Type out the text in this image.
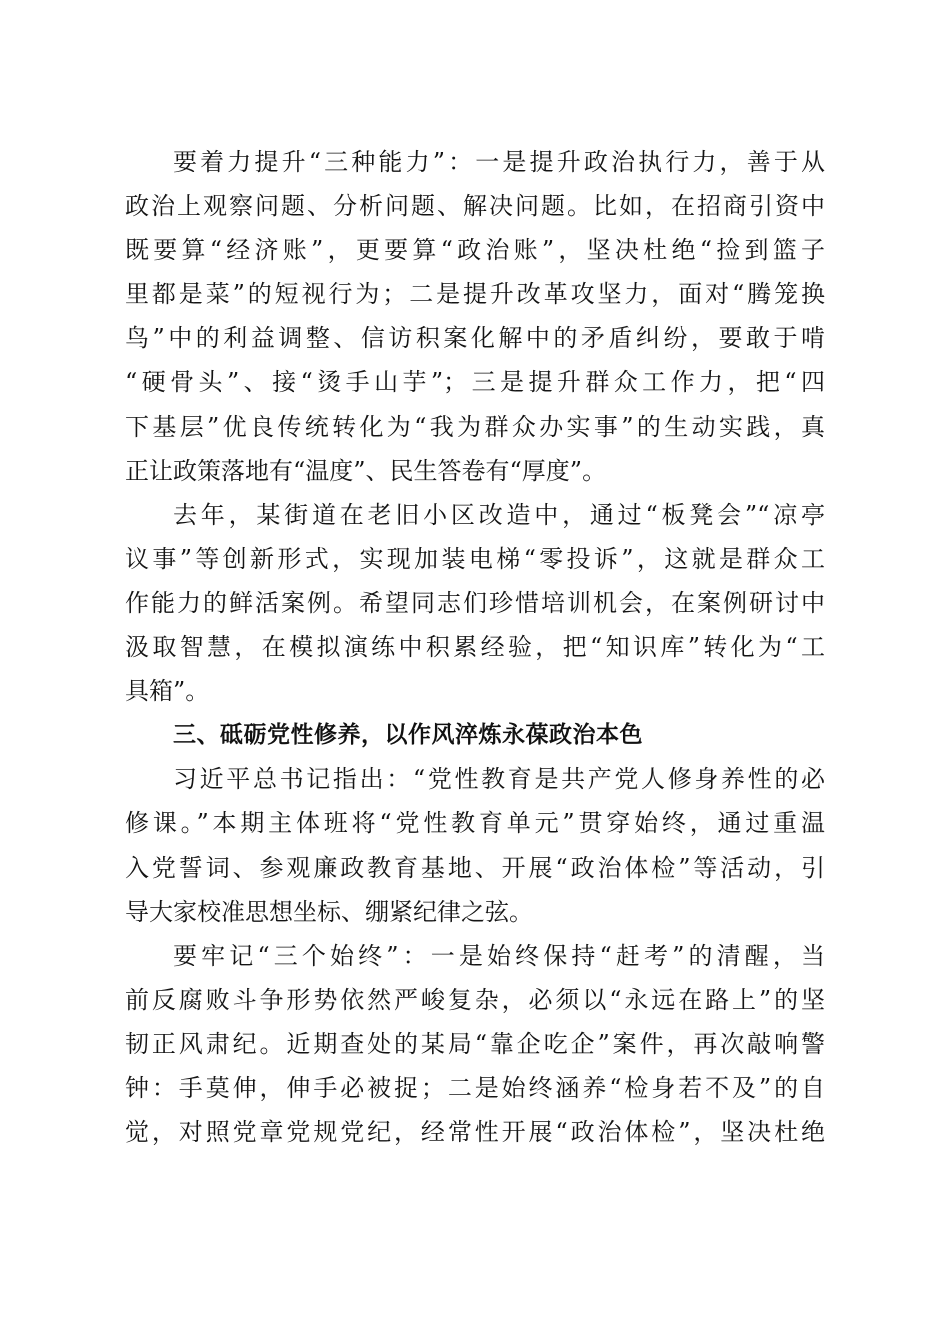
要着力提升“三种能力”：一是提升政治执行力，善于从
政治上观察问题、分析问题、解决问题。比如，在招商引资中
既要算“经济账”，更要算“政治账”，坚决杜绝“捡到篮子
里都是菜”的短视行为；二是提升改革攻坚力，面对“腾笼换
鸟”中的利益调整、信访积案化解中的矛盾纠纷，要敢于啃
“硬骨头”、接“烫手山芋”；三是提升群众工作力，把“四
下基层”优良传统转化为“我为群众办实事”的生动实践，真
正让政策落地有“温度”、民生答卷有“厚度”。
去年，某街道在老旧小区改造中，通过“板凳会”“凉亭
议事”等创新形式，实现加装电梯“零投诉”，这就是群众工
作能力的鲜活案例。希望同志们珍惜培训机会，在案例研讨中
汲取智慧，在模拟演练中积累经验，把“知识库”转化为“工
具箱”。
三、砥砺党性修养，以作风淬炼永葆政治本色
习近平总书记指出：“党性教育是共产党人修身养性的必
修课。”本期主体班将“党性教育单元”贯穿始终，通过重温
入党誓词、参观廉政教育基地、开展“政治体检”等活动，引
导大家校准思想坐标、绷紧纪律之弦。
要牢记“三个始终”：一是始终保持“赶考”的清醒，当
前反腐败斗争形势依然严峻复杂，必须以“永远在路上”的坚
韧正风肃纪。近期查处的某局“靠企吃企”案件，再次敲响警
钟：手莫伸，伸手必被捉；二是始终涵养“检身若不及”的自
觉，对照党章党规党纪，经常性开展“政治体检”，坚决杜绝
